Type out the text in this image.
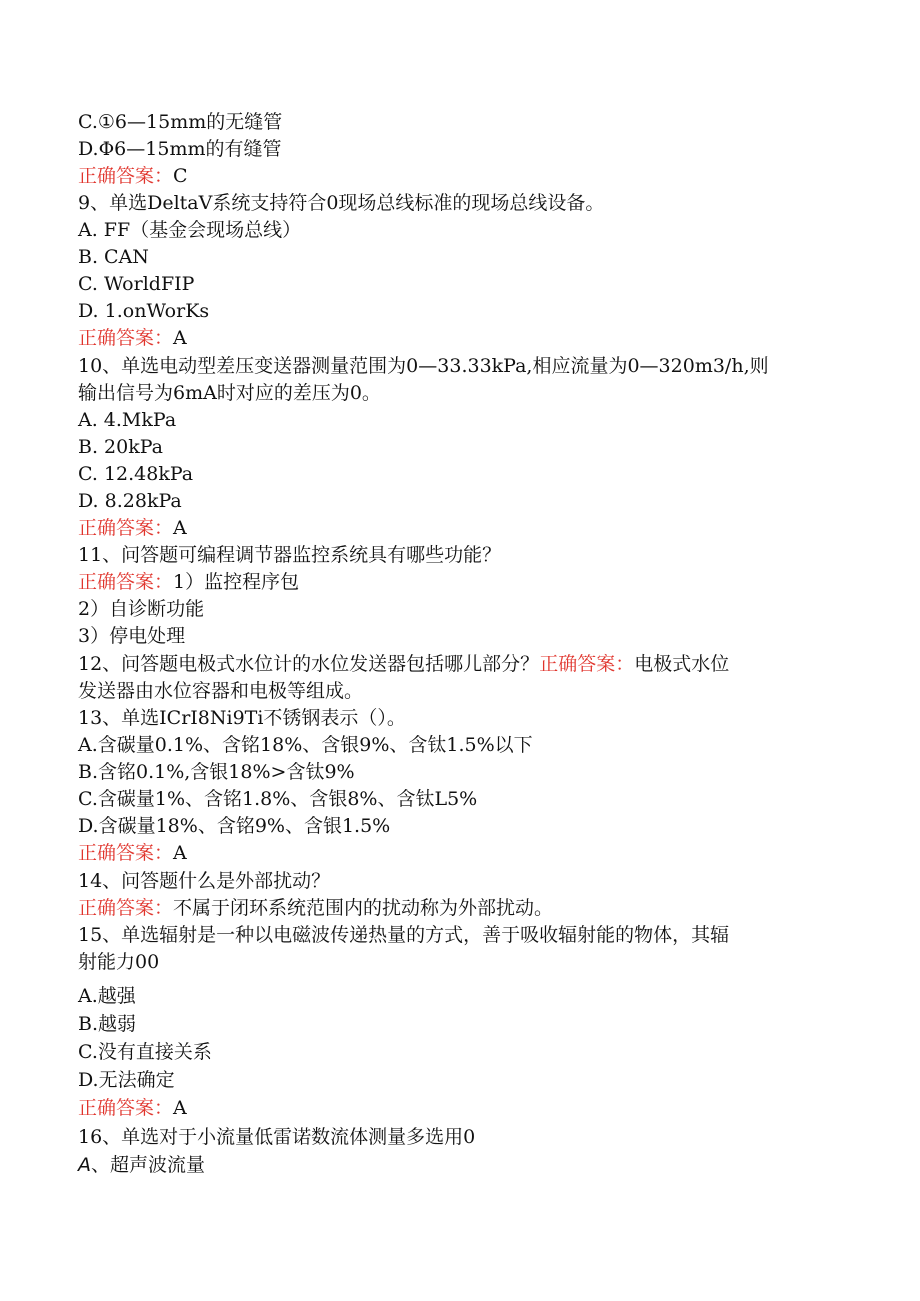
C.①6—15mm的无缝管
D.Φ6—15mm的有缝管
正确答案：C
9、单选DeltaV系统支持符合0现场总线标准的现场总线设备。
A. FF（基金会现场总线）
B. CAN
C. WorldFIP
D. 1.onWorKs
正确答案：A
10、单选电动型差压变送器测量范围为0—33.33kPa,相应流量为0—320m3/h,则
输出信号为6mA时对应的差压为0。
A. 4.MkPa
B. 20kPa
C. 12.48kPa
D. 8.28kPa
正确答案：A
11、问答题可编程调节器监控系统具有哪些功能？
正确答案：1）监控程序包
2）自诊断功能
3）停电处理
12、问答题电极式水位计的水位发送器包括哪儿部分？正确答案：电极式水位
发送器由水位容器和电极等组成。
13、单选ICrI8Ni9Ti不锈钢表示（）。
A.含碳量0.1%、含铭18%、含银9%、含钛1.5%以下
B.含铭0.1%,含银18%>含钛9%
C.含碳量1%、含铭1.8%、含银8%、含钛L5%
D.含碳量18%、含铭9%、含银1.5%
正确答案：A
14、问答题什么是外部扰动？
正确答案：不属于闭环系统范围内的扰动称为外部扰动。
15、单选辐射是一种以电磁波传递热量的方式，善于吸收辐射能的物体，其辐
射能力00
A.越强
B.越弱
C.没有直接关系
D.无法确定
正确答案：A
16、单选对于小流量低雷诺数流体测量多选用0
A、超声波流量
